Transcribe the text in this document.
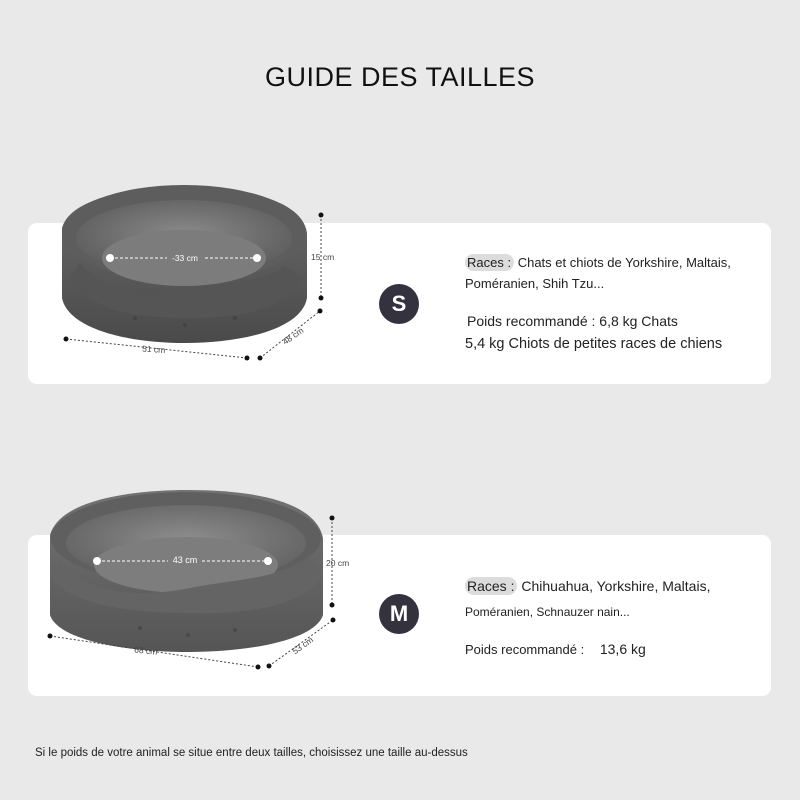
GUIDE DES TAILLES
-33 cm	15 cm
48 cm
51 cm
43 cm	20 cm
53 cm
68 cm
S
Races : Chats et chiots de Yorkshire, Maltais,
Poméranien, Shih Tzu...
Poids recommandé : 6,8 kg Chats
5,4 kg Chiots de petites races de chiens
M
Races : Chihuahua, Yorkshire, Maltais,
Poméranien, Schnauzer nain...
Poids recommandé : 13,6 kg
Si le poids de votre animal se situe entre deux tailles, choisissez une taille au-dessus
